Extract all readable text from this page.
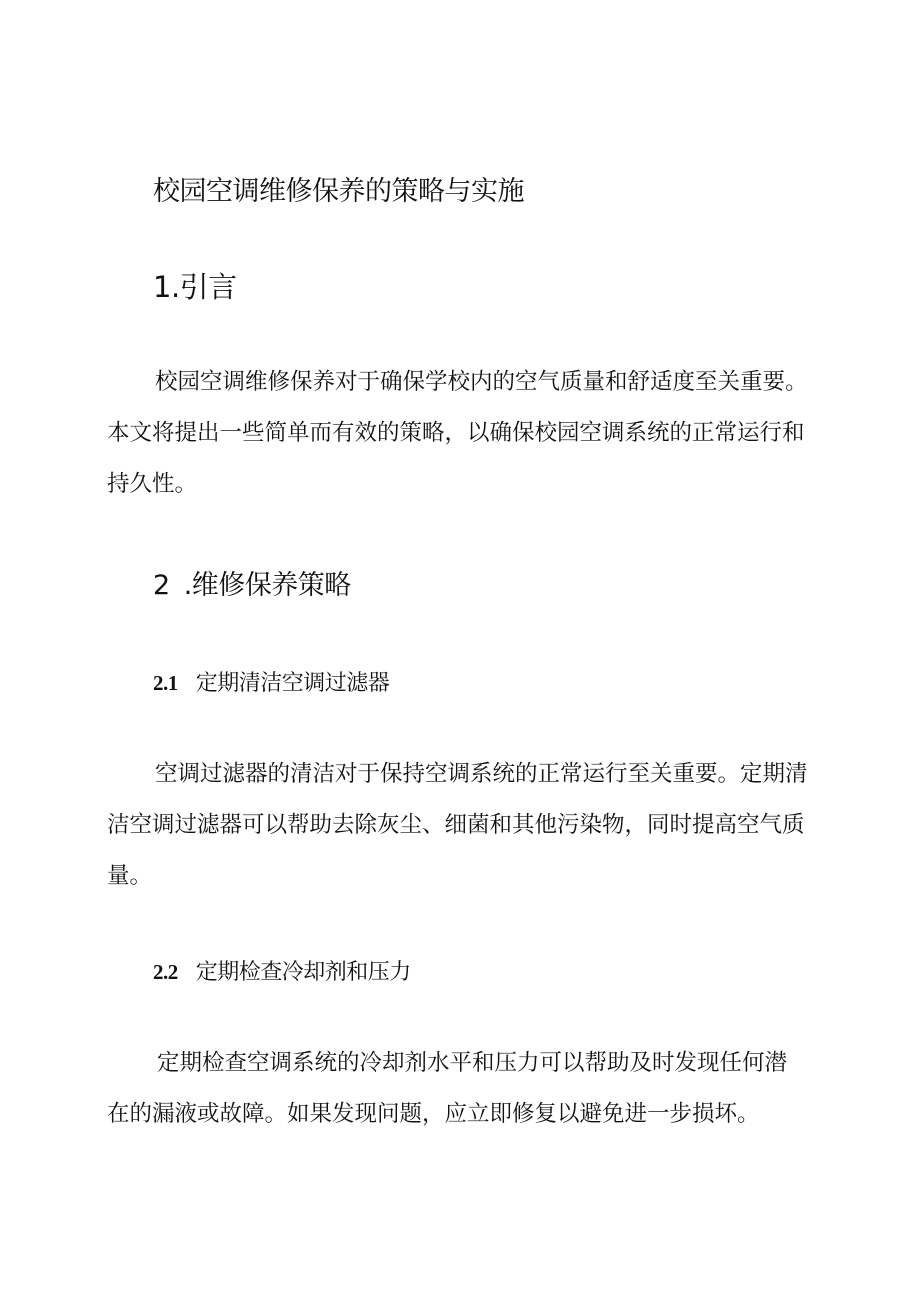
校园空调维修保养的策略与实施
1.引言

校园空调维修保养对于确保学校内的空气质量和舒适度至关重要。
本文将提出一些简单而有效的策略，以确保校园空调系统的正常运行和
持久性。

2 .维修保养策略
2.1 定期清洁空调过滤器

空调过滤器的清洁对于保持空调系统的正常运行至关重要。定期清
洁空调过滤器可以帮助去除灰尘、细菌和其他污染物，同时提高空气质
量。

2.2 定期检查冷却剂和压力

定期检查空调系统的冷却剂水平和压力可以帮助及时发现任何潜
在的漏液或故障。如果发现问题，应立即修复以避免进一步损坏。
